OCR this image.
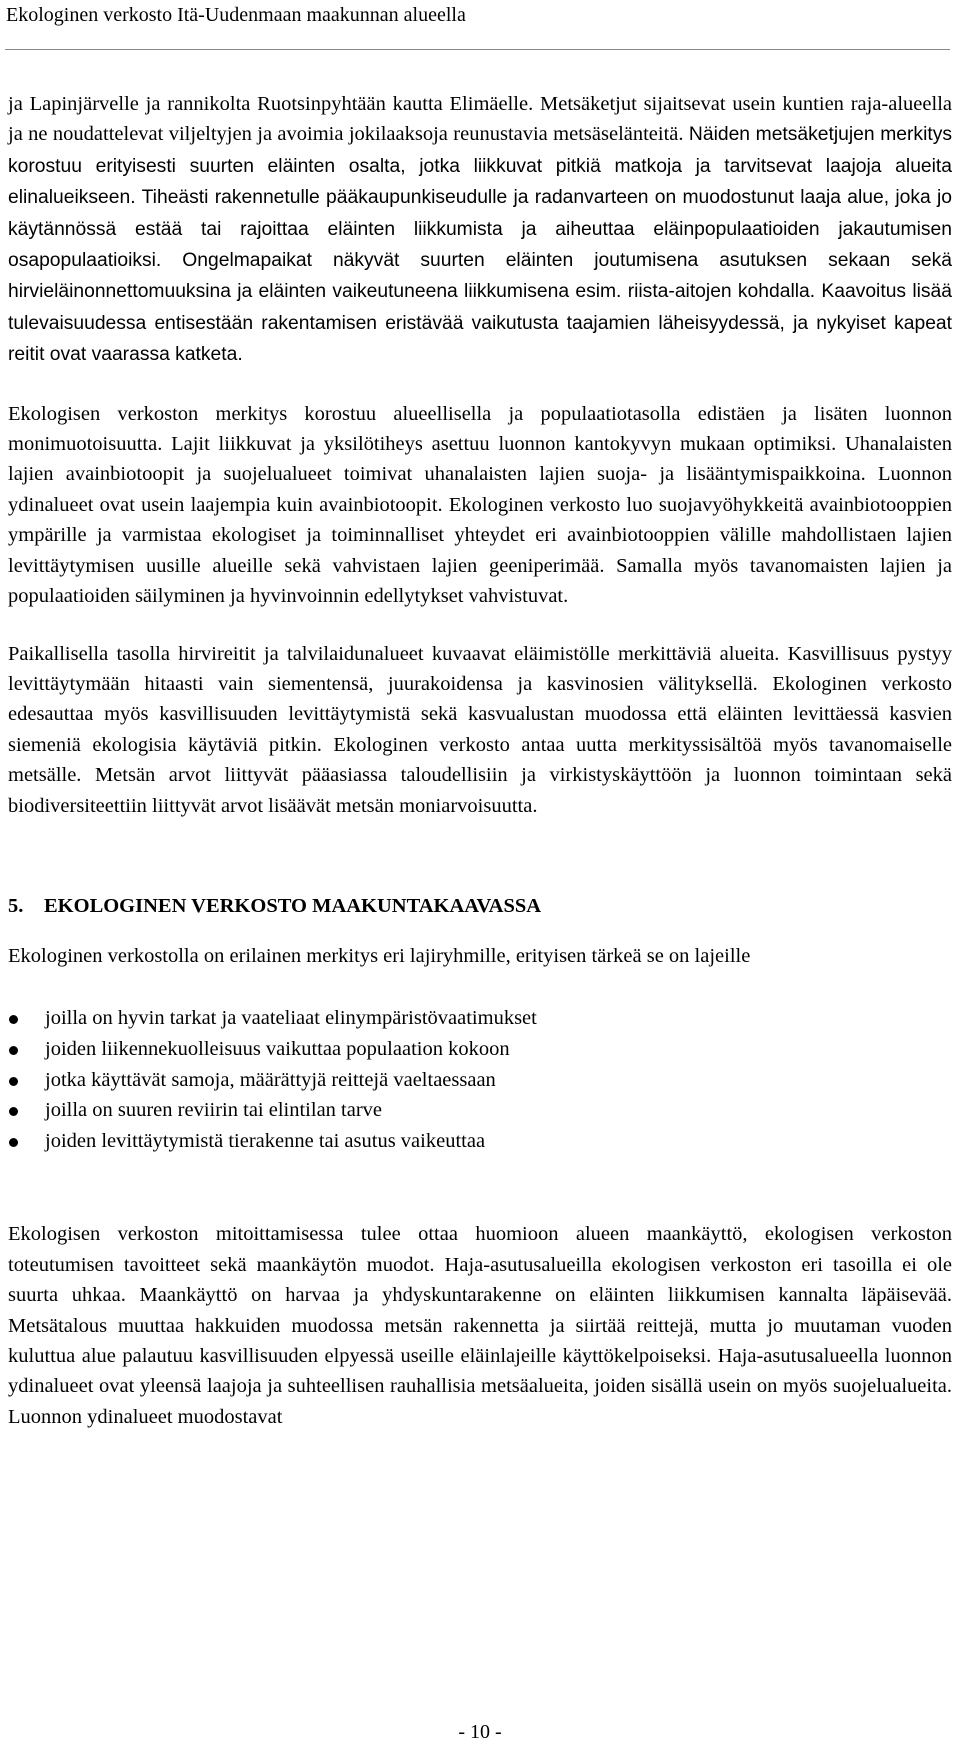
Ekologinen verkosto Itä-Uudenmaan maakunnan alueella

ja Lapinjärvelle ja rannikolta Ruotsinpyhtään kautta Elimäelle. Metsäketjut sijaitsevat usein kuntien raja-alueella ja ne noudattelevat viljeltyjen ja avoimia jokilaaksoja reunustavia metsäselänteitä. Näiden metsäketjujen merkitys korostuu erityisesti suurten eläinten osalta, jotka liikkuvat pitkiä matkoja ja tarvitsevat laajoja alueita elinalueikseen. Tiheästi rakennetulle pääkaupunkiseudulle ja radanvarteen on muodostunut laaja alue, joka jo käytännössä estää tai rajoittaa eläinten liikkumista ja aiheuttaa eläinpopulaatioiden jakautumisen osapopulaatioiksi. Ongelmapaikat näkyvät suurten eläinten joutumisena asutuksen sekaan sekä hirvieläinonnettomuuksina ja eläinten vaikeutuneena liikkumisena esim. riista-aitojen kohdalla. Kaavoitus lisää tulevaisuudessa entisestään rakentamisen eristävää vaikutusta taajamien läheisyydessä, ja nykyiset kapeat reitit ovat vaarassa katketa.

Ekologisen verkoston merkitys korostuu alueellisella ja populaatiotasolla edistäen ja lisäten luonnon monimuotoisuutta. Lajit liikkuvat ja yksilötiheys asettuu luonnon kantokyvyn mukaan optimiksi. Uhanalaisten lajien avainbiotoopit ja suojelualueet toimivat uhanalaisten lajien suoja- ja lisääntymispaikkoina. Luonnon ydinalueet ovat usein laajempia kuin avainbiotoopit. Ekologinen verkosto luo suojavyöhykkeitä avainbiotooppien ympärille ja varmistaa ekologiset ja toiminnalliset yhteydet eri avainbiotooppien välille mahdollistaen lajien levittäytymisen uusille alueille sekä vahvistaen lajien geeniperimää. Samalla myös tavanomaisten lajien ja populaatioiden säilyminen ja hyvinvoinnin edellytykset vahvistuvat.

Paikallisella tasolla hirvireitit ja talvilaidunalueet kuvaavat eläimistölle merkittäviä alueita. Kasvillisuus pystyy levittäytymään hitaasti vain siementensä, juurakoidensa ja kasvinosien välityksellä. Ekologinen verkosto edesauttaa myös kasvillisuuden levittäytymistä sekä kasvualustan muodossa että eläinten levittäessä kasvien siemeniä ekologisia käytäviä pitkin. Ekologinen verkosto antaa uutta merkityssisältöä myös tavanomaiselle metsälle. Metsän arvot liittyvät pääasiassa taloudellisiin ja virkistyskäyttöön ja luonnon toimintaan sekä biodiversiteettiin liittyvät arvot lisäävät metsän moniarvoisuutta.

5. EKOLOGINEN VERKOSTO MAAKUNTAKAAVASSA

Ekologinen verkostolla on erilainen merkitys eri lajiryhmille, erityisen tärkeä se on lajeille

joilla on hyvin tarkat ja vaateliaat elinympäristövaatimukset
joiden liikennekuolleisuus vaikuttaa populaation kokoon
jotka käyttävät samoja, määrättyjä reittejä vaeltaessaan
joilla on suuren reviirin tai elintilan tarve
joiden levittäytymistä tierakenne tai asutus vaikeuttaa

Ekologisen verkoston mitoittamisessa tulee ottaa huomioon alueen maankäyttö, ekologisen verkoston toteutumisen tavoitteet sekä maankäytön muodot. Haja-asutusalueilla ekologisen verkoston eri tasoilla ei ole suurta uhkaa. Maankäyttö on harvaa ja yhdyskuntarakenne on eläinten liikkumisen kannalta läpäisevää. Metsätalous muuttaa hakkuiden muodossa metsän rakennetta ja siirtää reittejä, mutta jo muutaman vuoden kuluttua alue palautuu kasvillisuuden elpyessä useille eläinlajeille käyttökelpoiseksi. Haja-asutusalueella luonnon ydinalueet ovat yleensä laajoja ja suhteellisen rauhallisia metsäalueita, joiden sisällä usein on myös suojelualueita. Luonnon ydinalueet muodostavat

- 10 -
